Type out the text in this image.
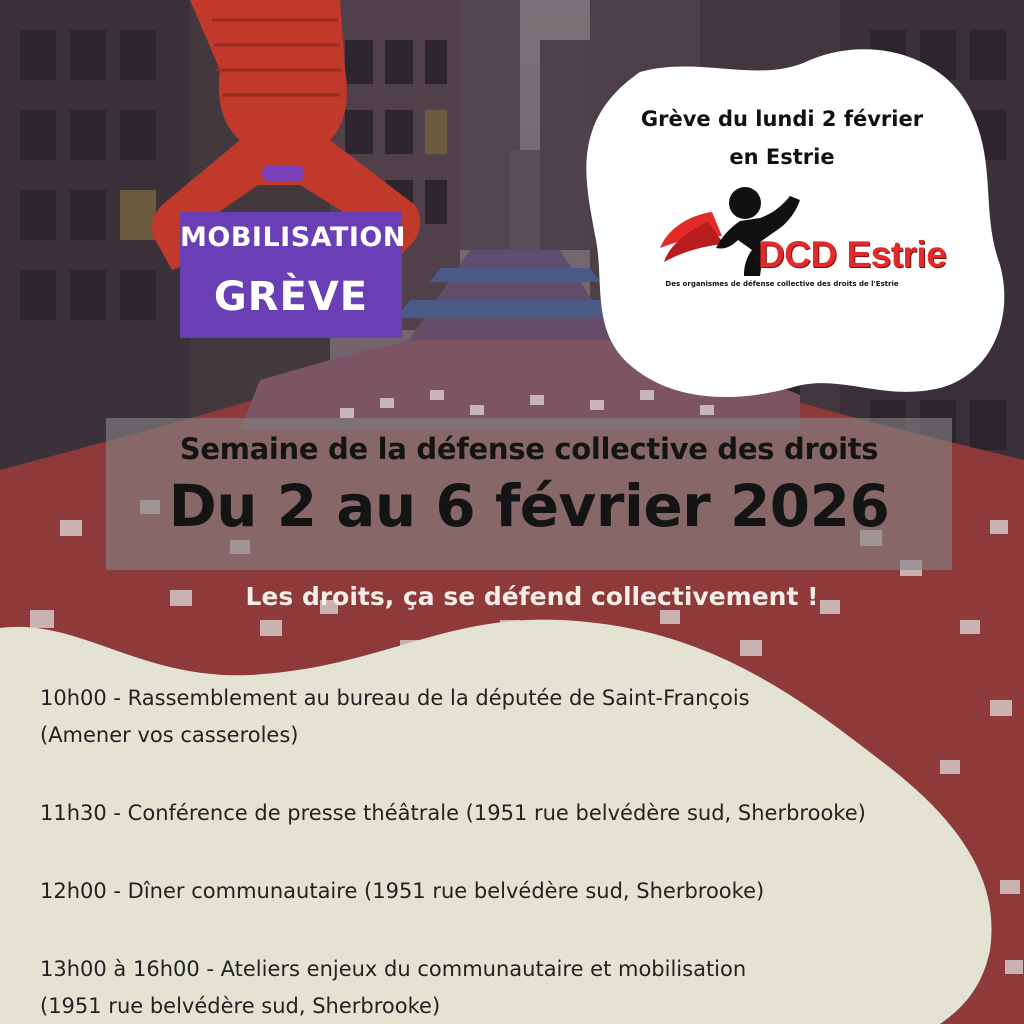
MOBILISATION
GRÈVE
Grève du lundi 2 février
en Estrie
DCD Estrie
Des organismes de défense collective des droits de l'Estrie
Semaine de la défense collective des droits
Du 2 au 6 février 2026
Les droits, ça se défend collectivement !
10h00 - Rassemblement au bureau de la députée de Saint-François
(Amener vos casseroles)
11h30 - Conférence de presse théâtrale (1951 rue belvédère sud, Sherbrooke)
12h00 - Dîner communautaire (1951 rue belvédère sud, Sherbrooke)
13h00 à 16h00 - Ateliers enjeux du communautaire et mobilisation
(1951 rue belvédère sud, Sherbrooke)
